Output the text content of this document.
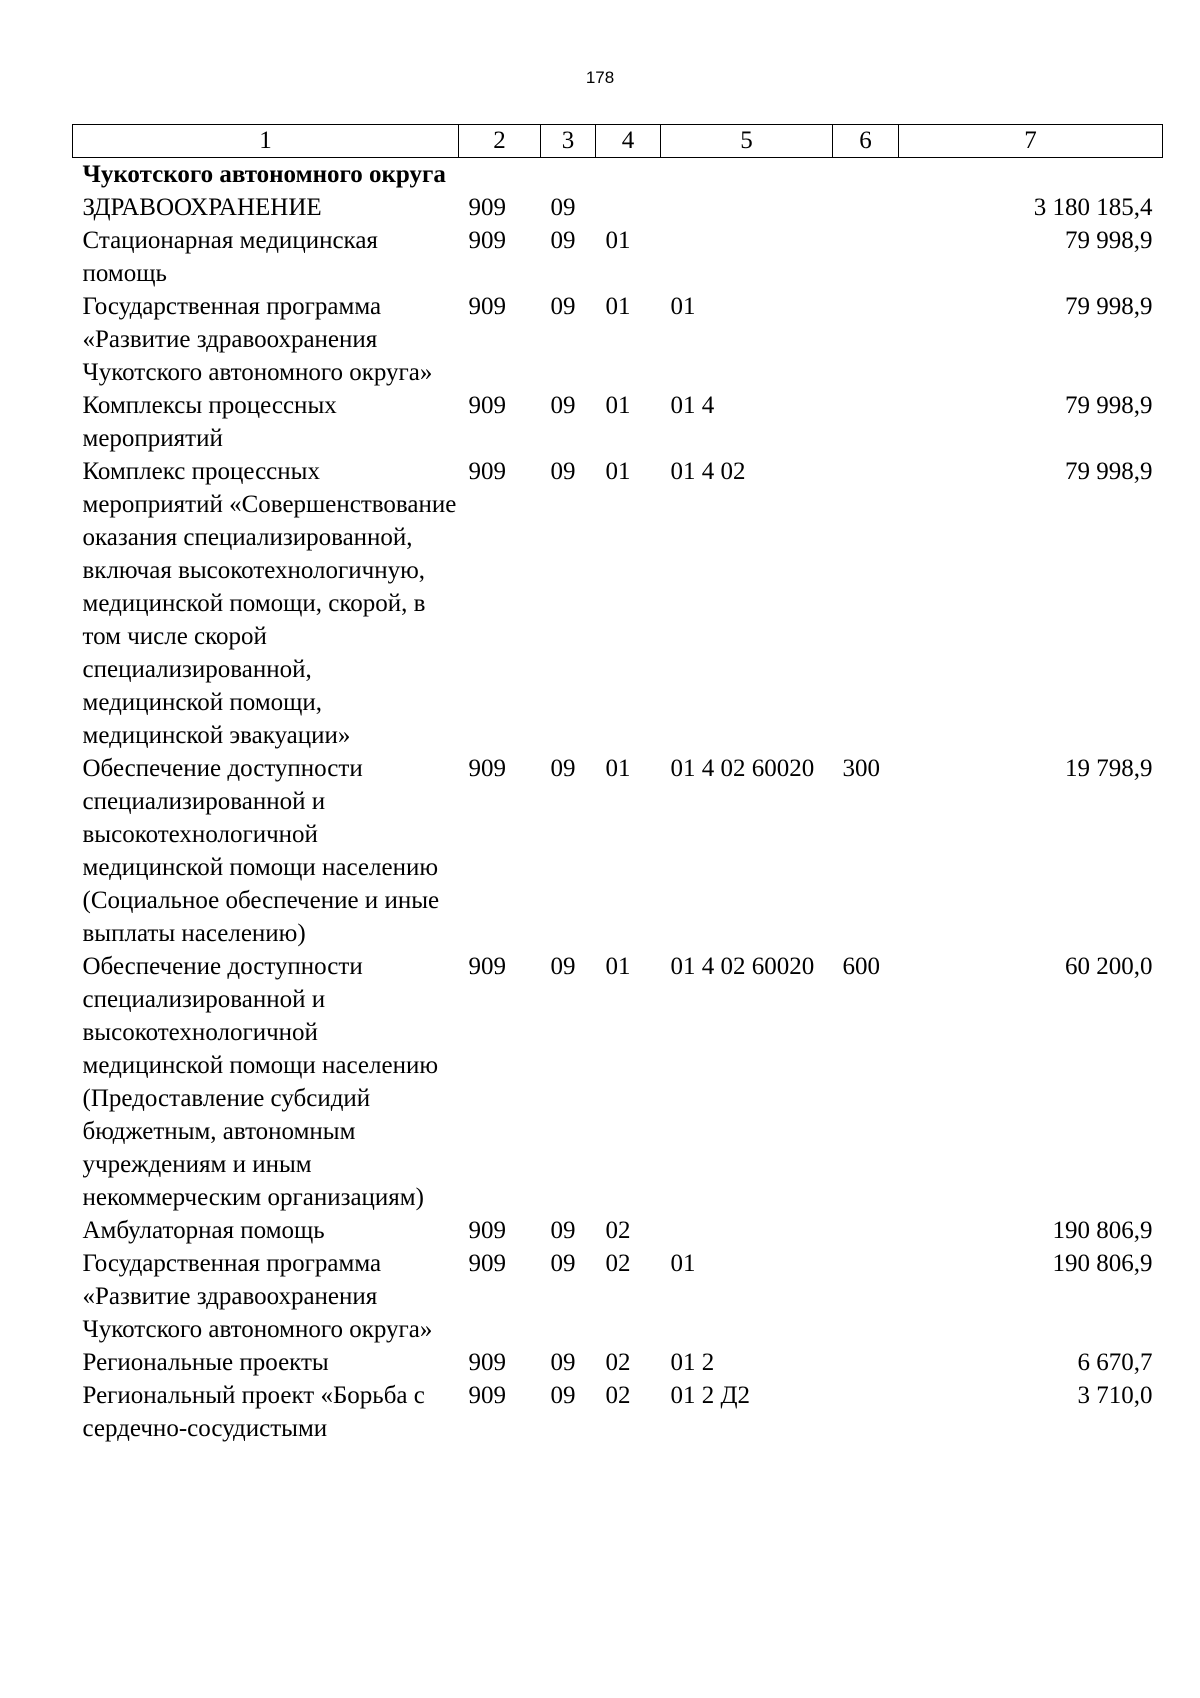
178
1	2	3	4	5	6	7
Чукотского автономного округа						
ЗДРАВООХРАНЕНИЕ	909	09				3 180 185,4
Стационарная медицинская помощь	909	09	01			79 998,9
Государственная программа «Развитие здравоохранения Чукотского автономного округа»	909	09	01	01		79 998,9
Комплексы процессных мероприятий	909	09	01	01 4		79 998,9
Комплекс процессных мероприятий «Совершенствование оказания специализированной, включая высокотехнологичную, медицинской помощи, скорой, в том числе скорой специализированной, медицинской помощи, медицинской эвакуации»	909	09	01	01 4 02		79 998,9
Обеспечение доступности специализированной и высокотехнологичной медицинской помощи населению (Социальное обеспечение и иные выплаты населению)	909	09	01	01 4 02 60020	300	19 798,9
Обеспечение доступности специализированной и высокотехнологичной медицинской помощи населению (Предоставление субсидий бюджетным, автономным учреждениям и иным некоммерческим организациям)	909	09	01	01 4 02 60020	600	60 200,0
Амбулаторная помощь	909	09	02			190 806,9
Государственная программа «Развитие здравоохранения Чукотского автономного округа»	909	09	02	01		190 806,9
Региональные проекты	909	09	02	01 2		6 670,7
Региональный проект «Борьба с сердечно-сосудистыми	909	09	02	01 2 Д2		3 710,0
